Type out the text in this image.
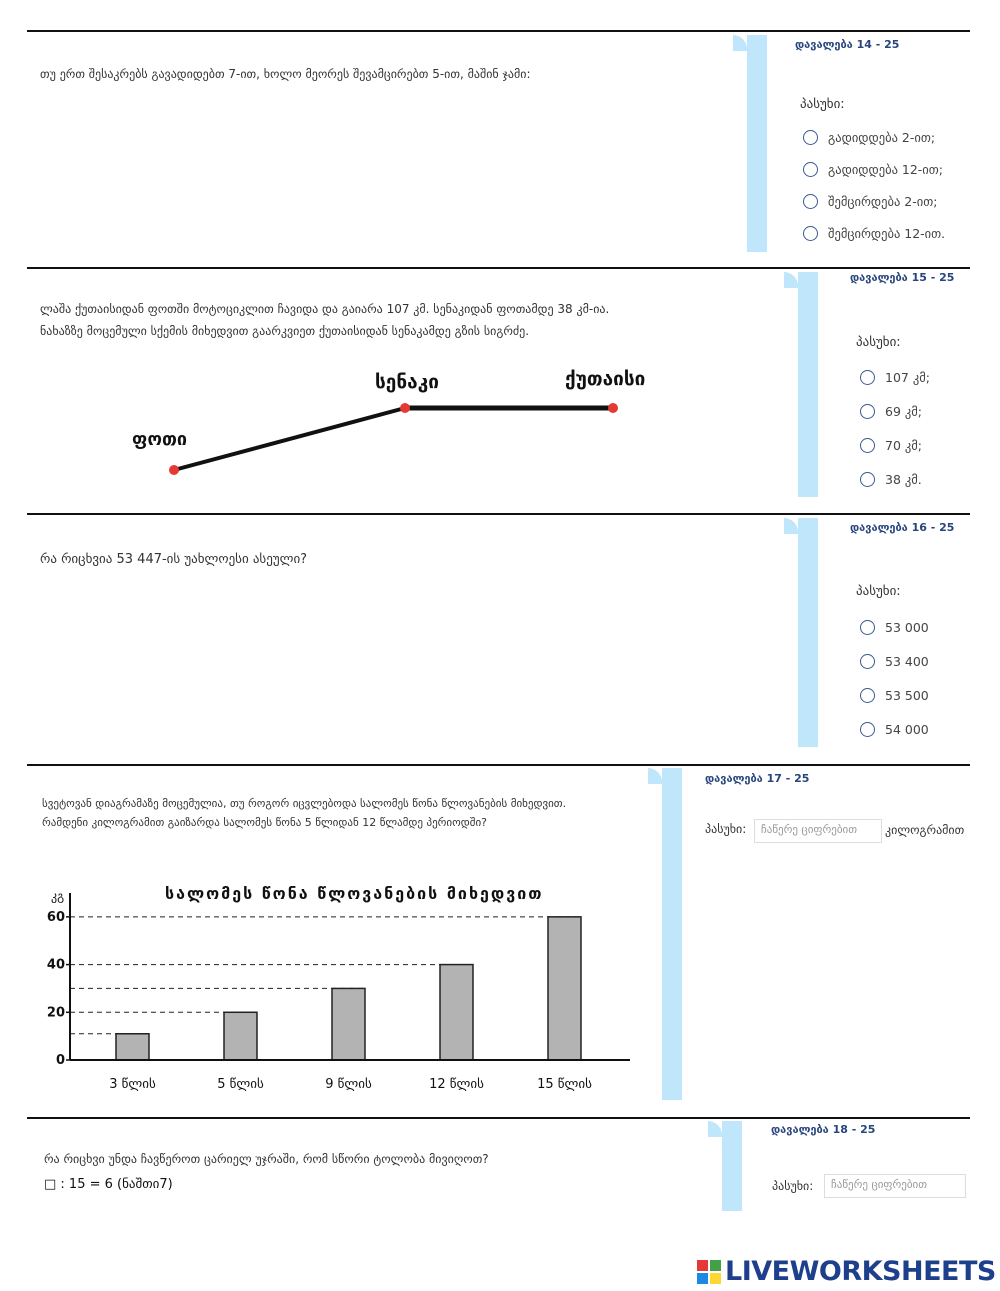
თუ ერთ შესაკრებს გავადიდებთ 7-ით, ხოლო მეორეს შევამცირებთ 5-ით, მაშინ ჯამი:
დავალება 14 - 25
პასუხი:
გადიდდება 2-ით;
გადიდდება 12-ით;
შემცირდება 2-ით;
შემცირდება 12-ით.
ლაშა ქუთაისიდან ფოთში მოტოციკლით ჩავიდა და გაიარა 107 კმ. სენაკიდან ფოთამდე 38 კმ-ია.
ნახაზზე მოცემული სქემის მიხედვით გაარკვიეთ ქუთაისიდან სენაკამდე გზის სიგრძე.
ფოთი
სენაკი	ქუთაისი
დავალება 15 - 25
პასუხი:
107 კმ;
69 კმ;
70 კმ;
38 კმ.
რა რიცხვია 53 447-ის უახლოესი ასეული?
დავალება 16 - 25
პასუხი:
53 000
53 400
53 500
54 000
სვეტოვან დიაგრამაზე მოცემულია, თუ როგორ იცვლებოდა სალომეს წონა წლოვანების მიხედვით.
რამდენი კილოგრამით გაიზარდა სალომეს წონა 5 წლიდან 12 წლამდე პერიოდში?
დავალება 17 - 25
პასუხი:	ჩაწერე ციფრებით	კილოგრამით
სალომეს წონა წლოვანების მიხედვით
კგ
0
20
40
60
3 წლის	5 წლის	9 წლის	12 წლის	15 წლის
რა რიცხვი უნდა ჩავწეროთ ცარიელ უჯრაში, რომ სწორი ტოლობა მივიღოთ?
□ : 15 = 6 (ნაშთი7)
დავალება 18 - 25
პასუხი:	ჩაწერე ციფრებით
LIVEWORKSHEETS
